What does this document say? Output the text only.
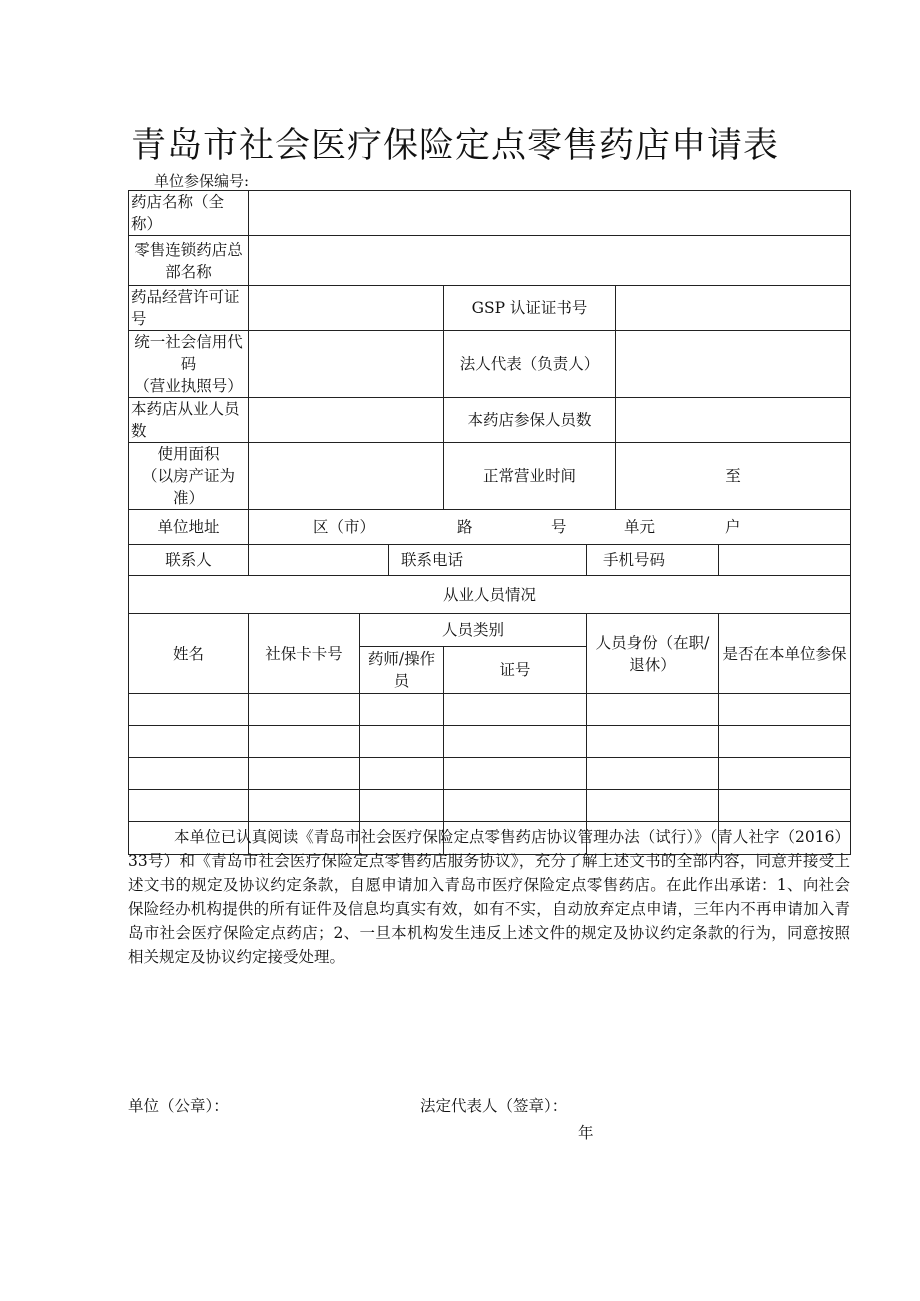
青岛市社会医疗保险定点零售药店申请表
单位参保编号:
药店名称（全称）							
零售连锁药店总部名称							
药品经营许可证号				GSP 认证证书号			

统一社会信用代码
（营业执照号）				法人代表（负责人）			
本药店从业人员数				本药店参保人员数			

使用面积
（以房产证为准）				正常营业时间		至	
单位地址	区（市） 路 号 单元 户						

联系人			联系电话		手机号码		
从业人员情况							
姓名	社保卡卡号	人员类别			人员身份（在职/退休）		是否在本单位参保
		药师/操作员		证号			

本单位已认真阅读《青岛市社会医疗保险定点零售药店协议管理办法（试行）》（青人社字（2016）33号）和《青岛市社会医疗保险定点零售药店服务协议》，充分了解上述文书的全部内容，同意并接受上述文书的规定及协议约定条款，自愿申请加入青岛市医疗保险定点零售药店。在此作出承诺：1、向社会保险经办机构提供的所有证件及信息均真实有效，如有不实，自动放弃定点申请，三年内不再申请加入青岛市社会医疗保险定点药店；2、一旦本机构发生违反上述文件的规定及协议约定条款的行为，同意按照相关规定及协议约定接受处理。
单位（公章）：	法定代表人（签章）：
年
